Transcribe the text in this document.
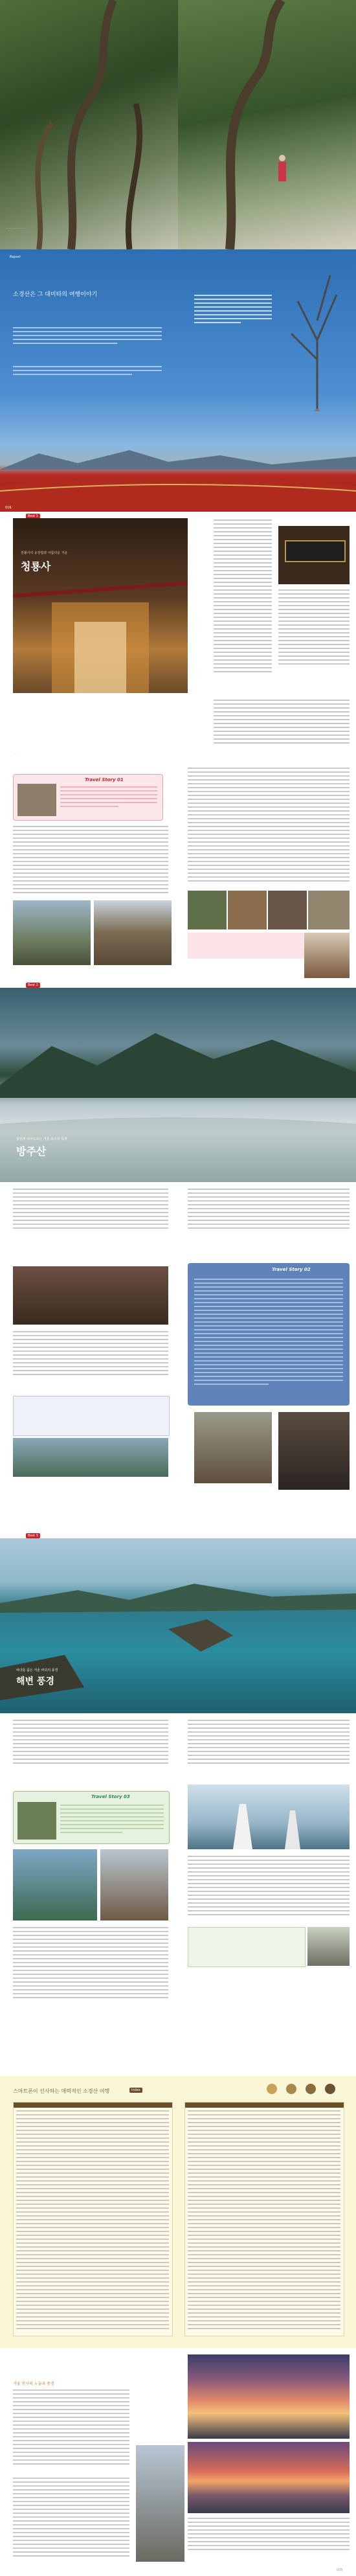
· · · · · · · · · · · ·
Report
소경산은 그 대미타의 여행이야기
016
Best 1
천불사의 웅장함과 아름다운 기운
청룡사
· ·
Travel Story 01
Best 2
물안개 피어오르는 겨울 호수의 풍경
방주산
Travel Story 02
Best 3
바다를 품은 겨울 바다의 풍경
해변 풍경
Travel Story 03
스마트폰이 선사하는 매력적인 소경산 여행	Index
겨울 산사의 노을과 풍경
035
